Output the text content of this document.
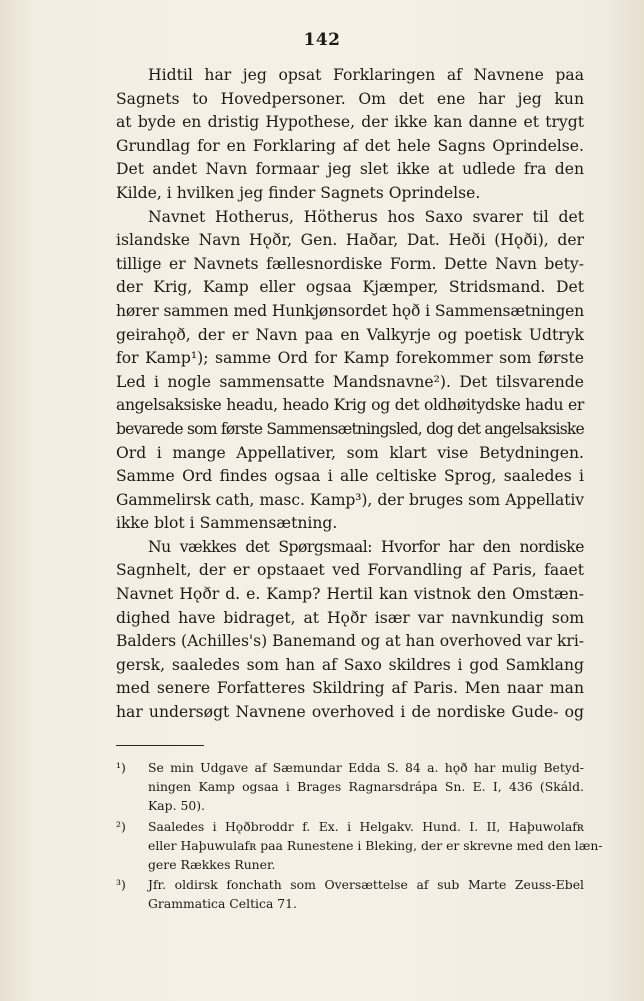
142

Hidtil har jeg opsat Forklaringen af Navnene paa
Sagnets to Hovedpersoner. Om det ene har jeg kun
at byde en dristig Hypothese, der ikke kan danne et trygt
Grundlag for en Forklaring af det hele Sagns Oprindelse.
Det andet Navn formaar jeg slet ikke at udlede fra den
Kilde, i hvilken jeg finder Sagnets Oprindelse.

Navnet Hotherus, Hötherus hos Saxo svarer til det
islandske Navn Hǫðr, Gen. Haðar, Dat. Heði (Hǫði), der
tillige er Navnets fællesnordiske Form. Dette Navn bety-
der Krig, Kamp eller ogsaa Kjæmper, Stridsmand. Det
hører sammen med Hunkjønsordet hǫð i Sammensætningen
geirahǫð, der er Navn paa en Valkyrje og poetisk Udtryk
for Kamp¹); samme Ord for Kamp forekommer som første
Led i nogle sammensatte Mandsnavne²). Det tilsvarende
angelsaksiske headu, heado Krig og det oldhøitydske hadu er
bevarede som første Sammensætningsled, dog det angelsaksiske
Ord i mange Appellativer, som klart vise Betydningen.
Samme Ord findes ogsaa i alle celtiske Sprog, saaledes i
Gammelirsk cath, masc. Kamp³), der bruges som Appellativ
ikke blot i Sammensætning.

Nu vækkes det Spørgsmaal: Hvorfor har den nordiske
Sagnhelt, der er opstaaet ved Forvandling af Paris, faaet
Navnet Hǫðr d. e. Kamp? Hertil kan vistnok den Omstæn-
dighed have bidraget, at Hǫðr især var navnkundig som
Balders (Achilles's) Banemand og at han overhoved var kri-
gersk, saaledes som han af Saxo skildres i god Samklang
med senere Forfatteres Skildring af Paris. Men naar man
har undersøgt Navnene overhoved i de nordiske Gude- og

¹) Se min Udgave af Sæmundar Edda S. 84 a. hǫð har mulig Betyd-
ningen Kamp ogsaa i Brages Ragnarsdrápa Sn. E. I, 436 (Skáld.
Kap. 50).
²) Saaledes i Hǫðbroddr f. Ex. i Helgakv. Hund. I. II, Haþuwolafʀ
eller Haþuwulafʀ paa Runestene i Bleking, der er skrevne med den læn-
gere Rækkes Runer.
³) Jfr. oldirsk fonchath som Oversættelse af sub Marte Zeuss-Ebel
Grammatica Celtica 71.
